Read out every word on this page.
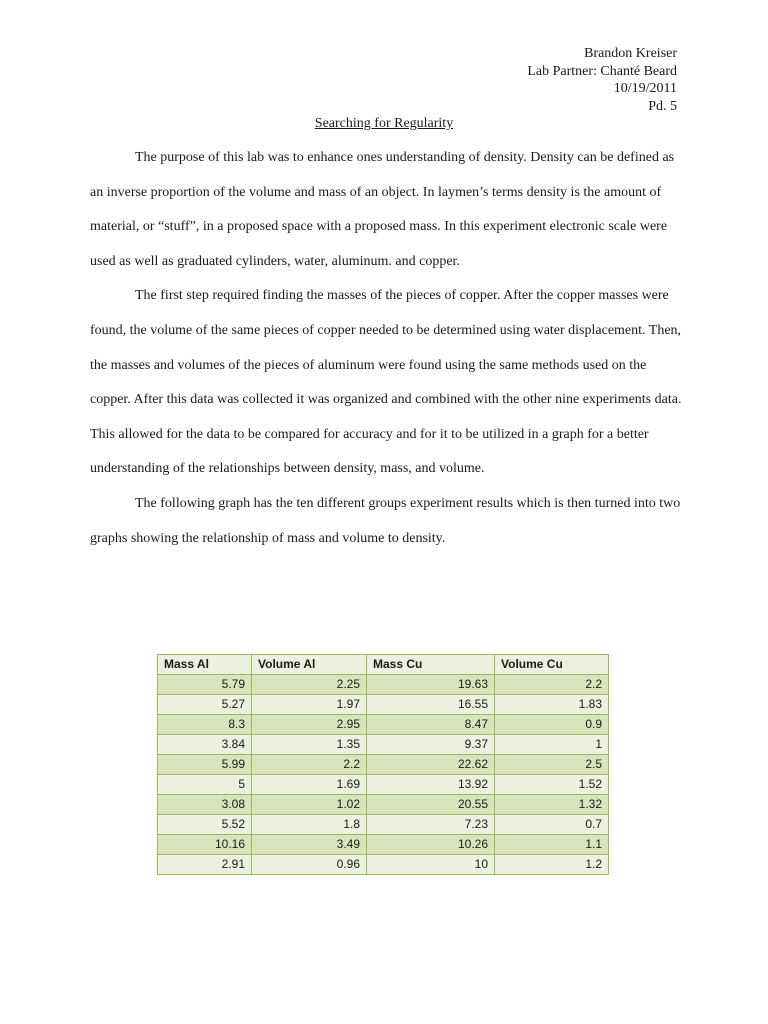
Brandon Kreiser
Lab Partner: Chanté Beard
10/19/2011
Pd. 5
Searching for Regularity

The purpose of this lab was to enhance ones understanding of density. Density can be defined as an inverse proportion of the volume and mass of an object. In laymen’s terms density is the amount of material, or “stuff”, in a proposed space with a proposed mass. In this experiment electronic scale were used as well as graduated cylinders, water, aluminum. and copper.

The first step required finding the masses of the pieces of copper. After the copper masses were found, the volume of the same pieces of copper needed to be determined using water displacement. Then, the masses and volumes of the pieces of aluminum were found using the same methods used on the copper. After this data was collected it was organized and combined with the other nine experiments data. This allowed for the data to be compared for accuracy and for it to be utilized in a graph for a better understanding of the relationships between density, mass, and volume.

The following graph has the ten different groups experiment results which is then turned into two graphs showing the relationship of mass and volume to density.

Mass Al	Volume Al	Mass Cu	Volume Cu
5.79	2.25	19.63	2.2
5.27	1.97	16.55	1.83
8.3	2.95	8.47	0.9
3.84	1.35	9.37	1
5.99	2.2	22.62	2.5
5	1.69	13.92	1.52
3.08	1.02	20.55	1.32
5.52	1.8	7.23	0.7
10.16	3.49	10.26	1.1
2.91	0.96	10	1.2
